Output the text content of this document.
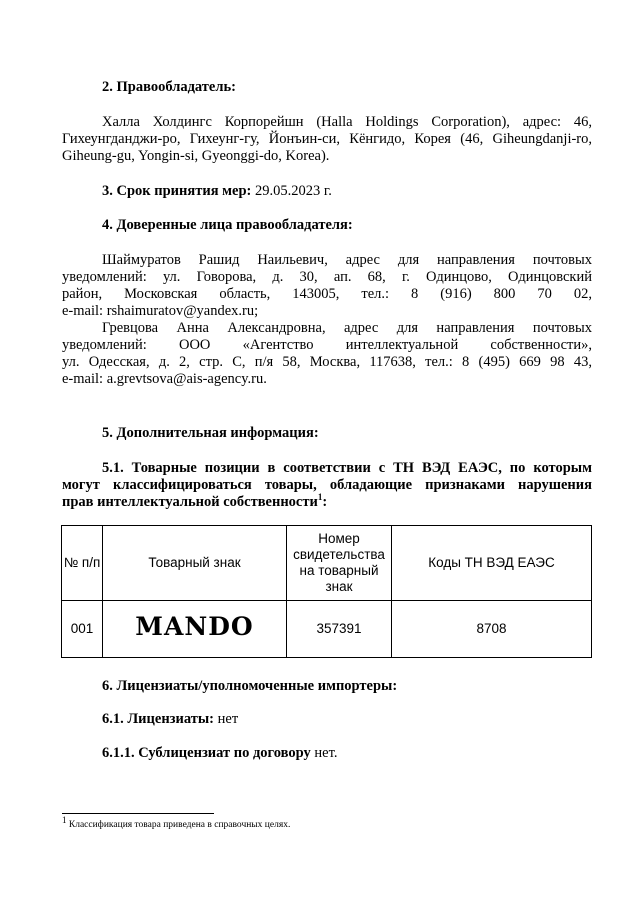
2. Правообладатель:
Халла Холдингс Корпорейшн (Halla Holdings Corporation), адрес: 46,
Гихеунгданджи-ро, Гихеунг-гу, Йонъин-си, Кёнгидо, Корея (46, Giheungdanji-ro,
Giheung-gu, Yongin-si, Gyeonggi-do, Korea).
3. Срок принятия мер: 29.05.2023 г.
4. Доверенные лица правообладателя:
Шаймуратов Рашид Наильевич, адрес для направления почтовых
уведомлений: ул. Говорова, д. 30, ап. 68, г. Одинцово, Одинцовский
район, Московская область, 143005, тел.: 8 (916) 800 70 02,
e-mail: rshaimuratov@yandex.ru;
Гревцова Анна Александровна, адрес для направления почтовых
уведомлений: ООО «Агентство интеллектуальной собственности»,
ул. Одесская, д. 2, стр. С, п/я 58, Москва, 117638, тел.: 8 (495) 669 98 43,
e-mail: a.grevtsova@ais-agency.ru.
5. Дополнительная информация:
5.1. Товарные позиции в соответствии с ТН ВЭД ЕАЭС, по которым
могут классифицироваться товары, обладающие признаками нарушения
прав интеллектуальной собственности$^1$:
№ п/п	Товарный знак	Номер свидетельства на товарный знак	Коды ТН ВЭД ЕАЭС
001	MANDO	357391	8708
6. Лицензиаты/уполномоченные импортеры:
6.1. Лицензиаты: нет
6.1.1. Сублицензиат по договору нет.
$^1$ Классификация товара приведена в справочных целях.
